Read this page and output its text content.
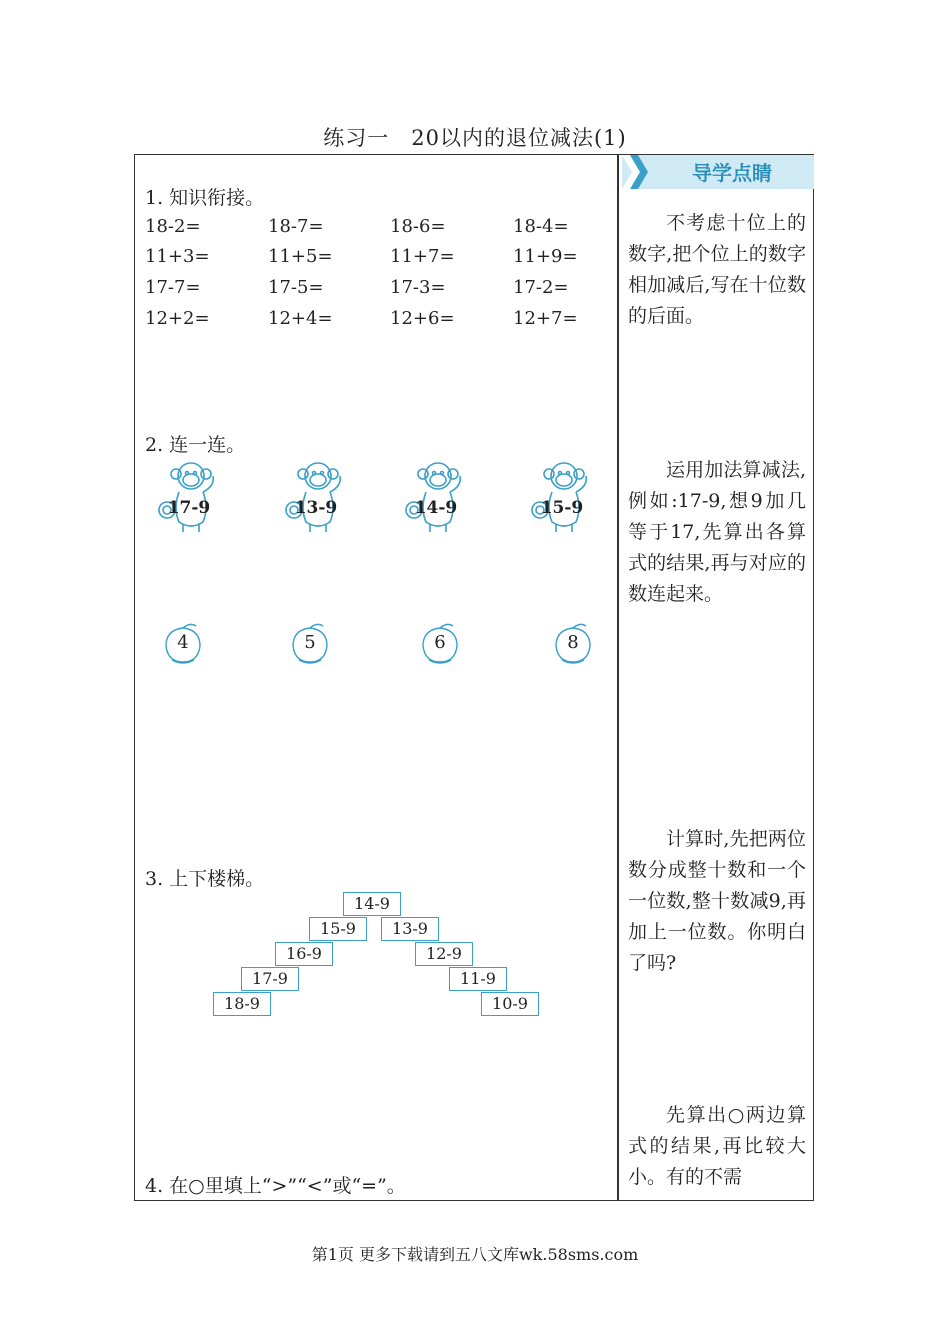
练习一　20以内的退位减法(1)
导学点睛
1. 知识衔接。
18-2=	18-7=	18-6=	18-4=
11+3=	11+5=	11+7=	11+9=
17-7=	17-5=	17-3=	17-2=
12+2=	12+4=	12+6=	12+7=
2. 连一连。
17-9	13-9	14-9	15-9
4	5	6	8
3. 上下楼梯。
14-9
15-9	13-9
16-9	12-9
17-9	11-9
18-9	10-9
4. 在○里填上“>”“<”或“=”。

不考虑十位上的数字,把个位上的数字相加减后,写在十位数的后面。

运用加法算减法,例如:17-9,想9加几等于17,先算出各算式的结果,再与对应的数连起来。

计算时,先把两位数分成整十数和一个一位数,整十数减9,再加上一位数。你明白了吗?

先算出○两边算式的结果,再比较大小。有的不需

第1页 更多下载请到五八文库wk.58sms.com
